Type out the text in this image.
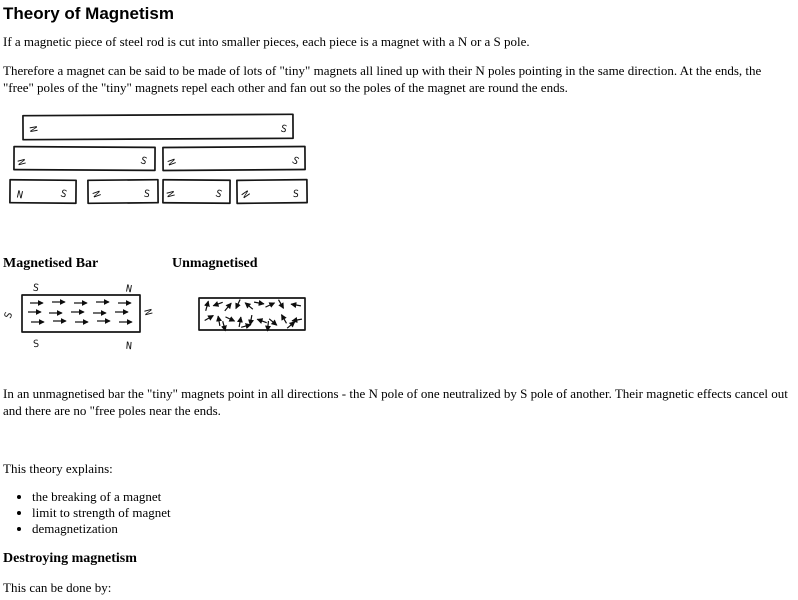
Theory of Magnetism

If a magnetic piece of steel rod is cut into smaller pieces, each piece is a magnet with a N or a S pole.

Therefore a magnet can be said to be made of lots of "tiny" magnets all lined up with their N poles pointing in the same direction. At the ends, the "free" poles of the "tiny" magnets repel each other and fan out so the poles of the magnet are round the ends.

N	S
N	S N	S
N	S N	S N	S N	S

Magnetised Bar	Unmagnetised

S	N
S	N
S	N

In an unmagnetised bar the "tiny" magnets point in all directions - the N pole of one neutralized by S pole of another. Their magnetic effects cancel out and there are no "free poles near the ends.

This theory explains:

• the breaking of a magnet
• limit to strength of magnet
• demagnetization

Destroying magnetism

This can be done by:
